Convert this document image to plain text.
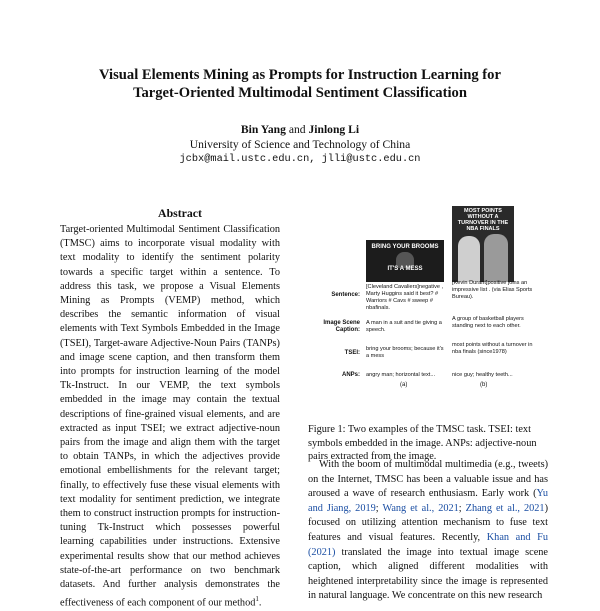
Visual Elements Mining as Prompts for Instruction Learning for
Target-Oriented Multimodal Sentiment Classification
Bin Yang and Jinlong Li
University of Science and Technology of China
jcbx@mail.ustc.edu.cn, jlli@ustc.edu.cn
Abstract
Target-oriented Multimodal Sentiment Classification (TMSC) aims to incorporate visual modality with text modality to identify the sentiment polarity towards a specific target within a sentence. To address this task, we propose a Visual Elements Mining as Prompts (VEMP) method, which describes the semantic information of visual elements with Text Symbols Embedded in the Image (TSEI), Target-aware Adjective-Noun Pairs (TANPs) and image scene caption, and then transform them into prompts for instruction learning of the model Tk-Instruct. In our VEMP, the text symbols embedded in the image may contain the textual descriptions of fine-grained visual elements, and are extracted as input TSEI; we extract adjective-noun pairs from the image and align them with the target to obtain TANPs, in which the adjectives provide emotional embellishments for the relevant target; finally, to effectively fuse these visual elements with text modality for sentiment prediction, we integrate them to construct instruction prompts for instruction-tuning Tk-Instruct which possesses powerful learning capabilities under instructions. Extensive experimental results show that our method achieves state-of-the-art performance on two benchmark datasets. And further analysis demonstrates the effectiveness of each component of our method$^1$.
BRING YOUR BROOMS
IT'S A MESS
MOST POINTS WITHOUT A TURNOVER IN THE NBA FINALS
Sentence:
[Cleveland Cavaliers]negative , Marty Huggins said it best? # Warriors # Cavs # sweep # nbafinals.
[Kevin Durant]positive joins an impressive list . (via Elias Sports Bureau).
Image Scene Caption:
A man in a suit and tie giving a speech.
A group of basketball players standing next to each other.
TSEI:
bring your brooms; because it's a mess
most points without a turnover in nba finals (since1978)
ANPs: angry man; horizontal text...	nice guy; healthy teeth...
(a)	(b)
Figure 1: Two examples of the TMSC task. TSEI: text symbols embedded in the image. ANPs: adjective-noun pairs extracted from the image.
With the boom of multimodal multimedia (e.g., tweets) on the Internet, TMSC has been a valuable issue and has aroused a wave of research enthusiasm. Early work (Yu and Jiang, 2019; Wang et al., 2021; Zhang et al., 2021) focused on utilizing attention mechanism to fuse text features and visual features. Recently, Khan and Fu (2021) translated the image into textual image scene caption, which aligned different modalities with heightened interpretability since the image is represented in natural language. We concentrate on this new research
